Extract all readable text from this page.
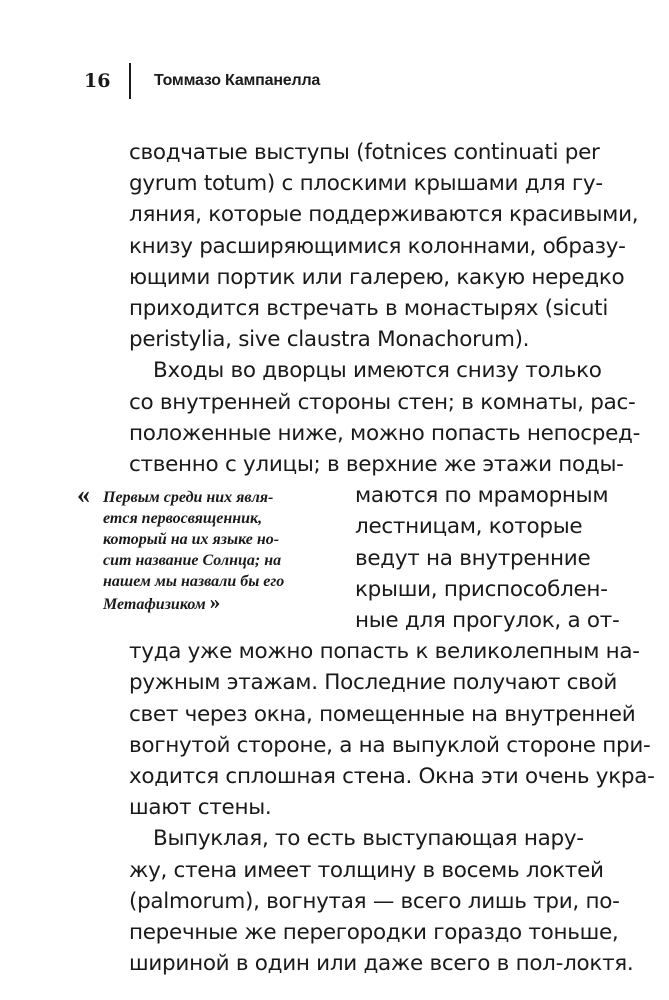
16	Томмазо Кампанелла
сводчатые выступы (fotnices continuati per
gyrum totum) с плоскими крышами для гу-
ляния, которые поддерживаются красивыми,
книзу расширяющимися колоннами, образу-
ющими портик или галерею, какую нередко
приходится встречать в монастырях (sicuti
peristylia, sive claustra Monachorum).
Входы во дворцы имеются снизу только
со внутренней стороны стен; в комнаты, рас-
положенные ниже, можно попасть непосред-
ственно с улицы; в верхние же этажи поды-
маются по мраморным
лестницам, которые
ведут на внутренние
крыши, приспособлен-
ные для прогулок, а от-
туда уже можно попасть к великолепным на-
ружным этажам. Последние получают свой
свет через окна, помещенные на внутренней
вогнутой стороне, а на выпуклой стороне при-
ходится сплошная стена. Окна эти очень укра-
шают стены.
Выпуклая, то есть выступающая нару-
жу, стена имеет толщину в восемь локтей
(palmorum), вогнутая — всего лишь три, по-
перечные же перегородки гораздо тоньше,
шириной в один или даже всего в пол-локтя.
« Первым среди них явля-
ется первосвященник,
который на их языке но-
сит название Солнца; на
нашем мы назвали бы его
Метафизиком »
